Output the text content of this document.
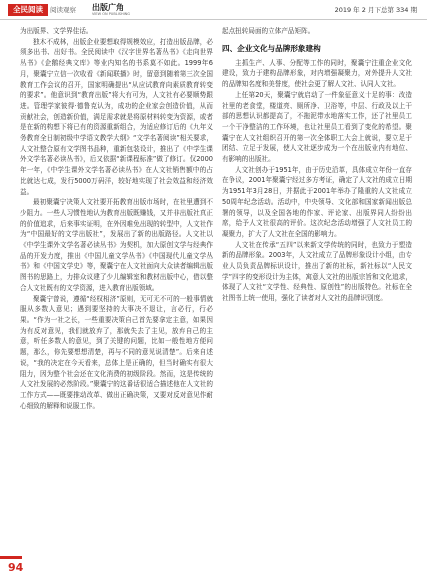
全民阅读	阅读观察 出版广角
VIEW ON PUBLISHING	2019 年 2 月下总第 334 期

为出版界、文学界佳话。

独木不成林，出版企业要想取得规模效应，打造出版品牌，必须多出书、出好书。全民阅读中《汉字世界名著丛书》《走向世界丛书》《企鹅经典文库》等业内知名的书系莫不如此。1999年6月，聚囊宁立信一次收看《新闻联播》时，留意到随着第三次全国教育工作会议的召开，国家明确提出“从应试教育向素质教育转变的要求”。他意识到“教育出版”将大有可为，人文社有必要顺势跟进。管理学家彼得·德鲁克认为，成功的企业家会创造价值，从而贡献社会，创造新价值，满足需求就是将原材料转变为资源，或者是在新的构想下将已有的资源重新组合，为适应修订后的《九年义务教育全日制初级中学语文教学大纲》“文学名著阅读”相关要求，人文社整合原有文学图书品种，重新包装设计，推出了《中学生课外文学名著必读丛书》，后又依据“新课程标准”做了修订。仅2000年一年，《中学生课外文学名著必读丛书》在人文社销售额中的占比就达七成，发行5000万码洋，较好地实现了社会效益和经济效益。

最初聚囊宁决策人文社要开拓教育出版市场时，在社里遭到不少阻力。一些人习惯性地认为教育出版既赚钱，又并非出版社真正的价值追求，后来事实证明，在外因难免出现的转型中，人文社作为“中国最好的文学出版社”，发展出了新的出版路径。人文社以《中学生课外文学名著必读丛书》为契机，加大原创文学与经典作品的开发力度，推出《中国儿童文学丛书》《中国现代儿童文学丛书》和《中国文学史》等，聚囊宁在人文社面向大众读者编辑出版图书的思路上，力排众议建了少儿编辑室和教材出版中心，借以整合人文社既有的文学资源，进入教育出版领域。

聚囊宁曾说，遵循“经权相济”原则，无可无不可的一般事情就服从多数人意见；遇到要坚持的大事决不退让，言必行，行必果。“作为一社之长，一些重要决策自己首先要拿定主意，如果因为有反对意见，我们就放弃了，那就失去了主见，放弃自己的主意，听任多数人的意见，到了关键的问题，比如一般性地方便问题，那么，你先要想想清楚，再与不同的意见说清楚”。后来自述说，“我的决定在今天看来，总体上是正确的，但当时确实有很大阻力，因为整个社会还在文化消费的初级阶段。然而，这是传统的人文社发展的必然阶段。”聚囊宁的这番话很适合描述他在人文社的工作方式——既要推动改革、做出正确决策，又要对反对意见作耐心细致的解释和说服工作。

起点扭转局面的立体产品矩阵。

四、企业文化与品牌形象建构

主抓生产、人事、分配等工作的同时，聚囊宁注重企业文化建设，致力于建构品牌形象，对内增强凝聚力，对外提升人文社的品牌知名度和美誉度，使社会更了解人文社、认同人文社。

上任第20天，聚囊宁就启动了一件象征意义十足的事：改造社里的老食堂，楼道亮、厕所净、卫浴等，中层、行政及以上干部的思想认识都提高了，不拖泥带水地落实工作，还了社里员工一个干净整洁的工作环境，也让社里员工看到了变化的希望。聚囊宁在人文社组织召开的第一次全体职工大会上就说，要立足于团结、立足于发展，使人文社逐步成为一个在出版业内有地位、有影响的出版社。

人文社创办于1951年，由于历史沿革，具体成立年份一直存在争议，2001年聚囊宁经过多方考证，确定了人文社的成立日期为1951年3月28日，并据此于2001年举办了隆重的人文社成立50周年纪念活动。活动中，中央领导、文化部和国家新闻出版总署的领导，以及全国各地的作家、评论家、出版界同人纷纷出席，给予人文社很高的评价。这次纪念活动增强了人文社员工的凝聚力，扩大了人文社在全国的影响力。

人文社在传承“五四”以来新文学传统的同时，也致力于塑造新的品牌形象。2003年，人文社成立了品牌形象设计小组，由专业人员负责品牌标识设计，推出了新的社标，新社标以“人民文学”四字的变形设计为主体，寓意人文社的出版宗旨和文化追求，体现了人文社“文学性、经典性、原创性”的出版特色。社标在全社图书上统一使用，强化了读者对人文社的品牌识别度。

94
